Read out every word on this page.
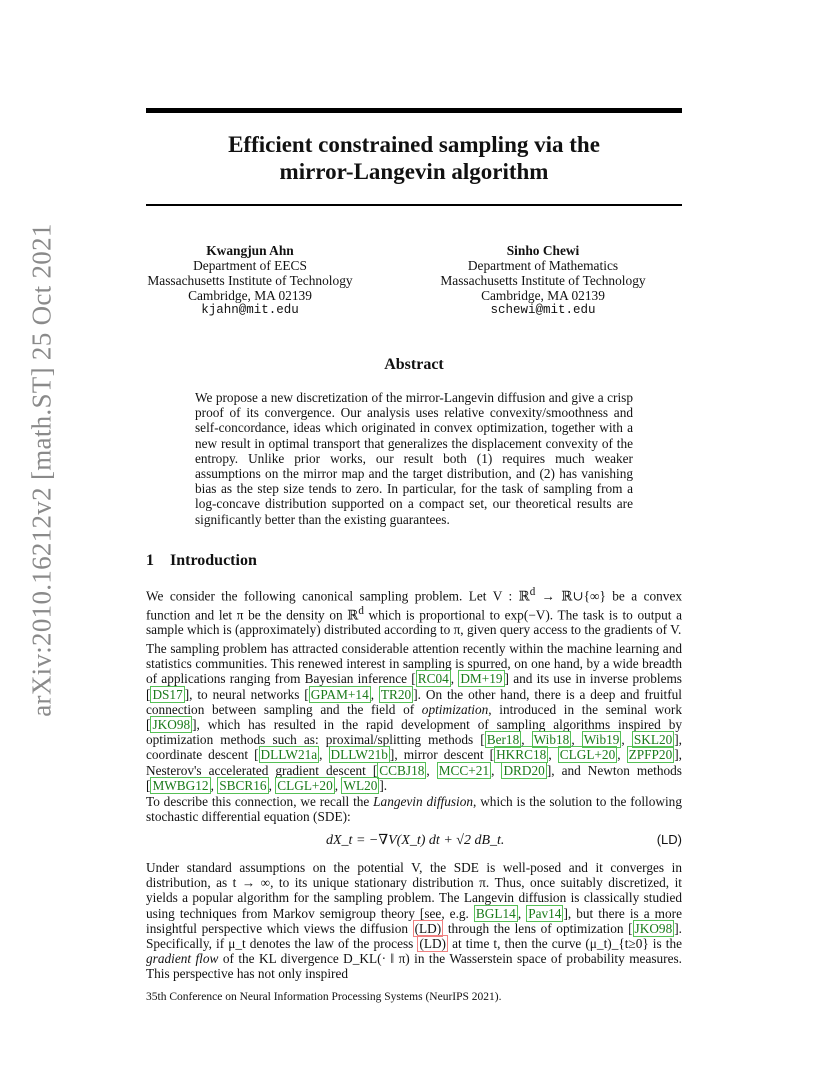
arXiv:2010.16212v2 [math.ST] 25 Oct 2021
Efficient constrained sampling via the
mirror-Langevin algorithm
Kwangjun Ahn
Department of EECS
Massachusetts Institute of Technology
Cambridge, MA 02139
kjahn@mit.edu
Sinho Chewi
Department of Mathematics
Massachusetts Institute of Technology
Cambridge, MA 02139
schewi@mit.edu
Abstract
We propose a new discretization of the mirror-Langevin diffusion and give a crisp proof of its convergence. Our analysis uses relative convexity/smoothness and self-concordance, ideas which originated in convex optimization, together with a new result in optimal transport that generalizes the displacement convexity of the entropy. Unlike prior works, our result both (1) requires much weaker assumptions on the mirror map and the target distribution, and (2) has vanishing bias as the step size tends to zero. In particular, for the task of sampling from a log-concave distribution supported on a compact set, our theoretical results are significantly better than the existing guarantees.
1 Introduction
We consider the following canonical sampling problem. Let V : ℝ$^d$ → ℝ∪{∞} be a convex function and let π be the density on ℝ$^d$ which is proportional to exp(−V). The task is to output a sample which is (approximately) distributed according to π, given query access to the gradients of V.
The sampling problem has attracted considerable attention recently within the machine learning and statistics communities. This renewed interest in sampling is spurred, on one hand, by a wide breadth of applications ranging from Bayesian inference [ RC04 , DM+19 ] and its use in inverse problems [ DS17 ], to neural networks [ GPAM+14 , TR20 ]. On the other hand, there is a deep and fruitful connection between sampling and the field of optimization, introduced in the seminal work [ JKO98 ], which has resulted in the rapid development of sampling algorithms inspired by optimization methods such as: proximal/splitting methods [ Ber18 , Wib18 , Wib19 , SKL20 ], coordinate descent [ DLLW21a , DLLW21b ], mirror descent [ HKRC18 , CLGL+20 , ZPFP20 ], Nesterov's accelerated gradient descent [ CCBJ18 , MCC+21 , DRD20 ], and Newton methods [ MWBG12 , SBCR16 , CLGL+20 , WL20 ].
To describe this connection, we recall the Langevin diffusion, which is the solution to the following stochastic differential equation (SDE):
dX_t = −∇V(X_t) dt + √2 dB_t.	(LD)
Under standard assumptions on the potential V, the SDE is well-posed and it converges in distribution, as t → ∞, to its unique stationary distribution π. Thus, once suitably discretized, it yields a popular algorithm for the sampling problem. The Langevin diffusion is classically studied using techniques from Markov semigroup theory [see, e.g. BGL14 , Pav14 ], but there is a more insightful perspective which views the diffusion (LD) through the lens of optimization [ JKO98 ]. Specifically, if μ_t denotes the law of the process (LD) at time t, then the curve (μ_t)_{t≥0} is the gradient flow of the KL divergence D_KL(· ‖ π) in the Wasserstein space of probability measures. This perspective has not only inspired
35th Conference on Neural Information Processing Systems (NeurIPS 2021).
